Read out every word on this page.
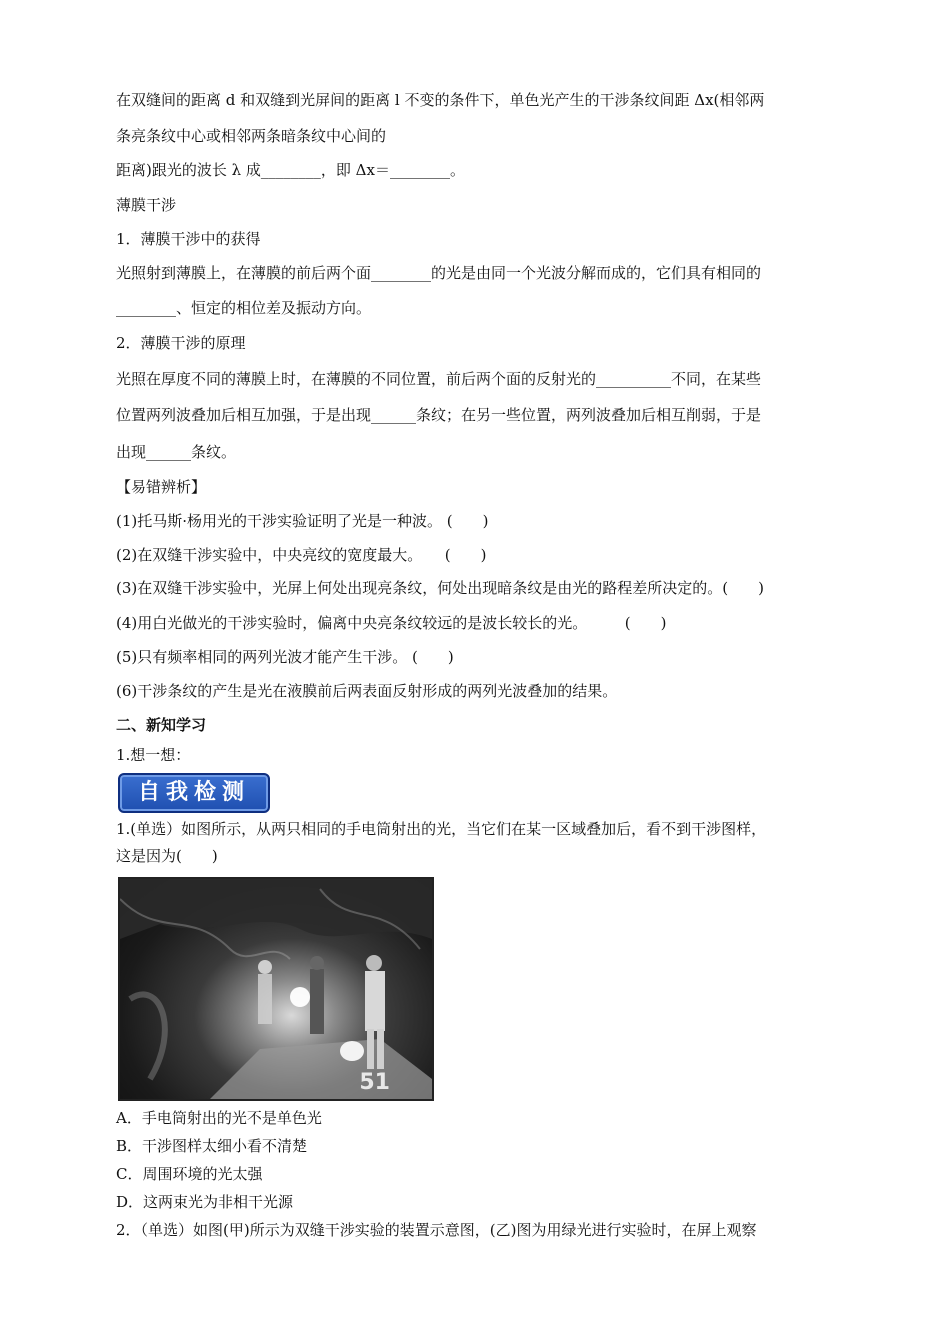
在双缝间的距离 d 和双缝到光屏间的距离 l 不变的条件下，单色光产生的干涉条纹间距 Δx(相邻两
条亮条纹中心或相邻两条暗条纹中心间的
距离)跟光的波长 λ 成________，即 Δx＝________。
薄膜干涉
1．薄膜干涉中的获得
光照射到薄膜上，在薄膜的前后两个面________的光是由同一个光波分解而成的，它们具有相同的
________、恒定的相位差及振动方向。
2．薄膜干涉的原理
光照在厚度不同的薄膜上时，在薄膜的不同位置，前后两个面的反射光的__________不同，在某些
位置两列波叠加后相互加强，于是出现______条纹；在另一些位置，两列波叠加后相互削弱，于是
出现______条纹。
【易错辨析】
(1)托马斯·杨用光的干涉实验证明了光是一种波。 (　　)
(2)在双缝干涉实验中，中央亮纹的宽度最大。　　(　　)
(3)在双缝干涉实验中，光屏上何处出现亮条纹，何处出现暗条纹是由光的路程差所决定的。(　　)
(4)用白光做光的干涉实验时，偏离中央亮条纹较远的是波长较长的光。　　　(　　)
(5)只有频率相同的两列光波才能产生干涉。 (　　)
(6)干涉条纹的产生是光在液膜前后两表面反射形成的两列光波叠加的结果。
二、新知学习
1.想一想：
自我检测
1.(单选）如图所示，从两只相同的手电筒射出的光，当它们在某一区域叠加后，看不到干涉图样，
这是因为(　　)
51
A．手电筒射出的光不是单色光
B．干涉图样太细小看不清楚
C．周围环境的光太强
D．这两束光为非相干光源
2．（单选）如图(甲)所示为双缝干涉实验的装置示意图，(乙)图为用绿光进行实验时，在屏上观察
